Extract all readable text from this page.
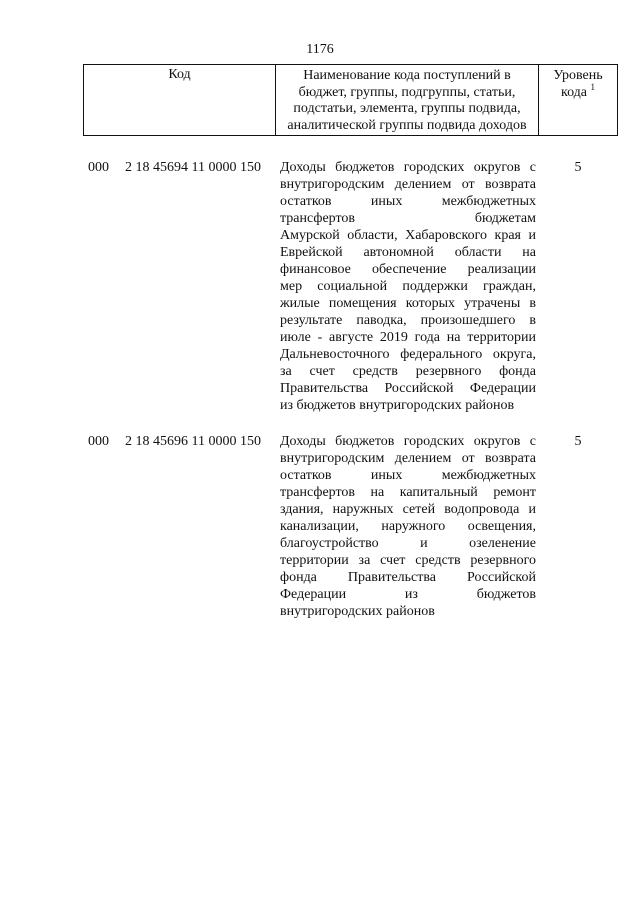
1176
Код	Наименование кода поступлений в
бюджет, группы, подгруппы, статьи,
подстатьи, элемента, группы подвида,
аналитической группы подвида доходов
Уровень
кода $^1$
000 2 18 45694 11 0000 150 Доходы бюджетов городских округов с
внутригородским делением от возврата
остатков иных межбюджетных
трансфертов бюджетам
Амурской области, Хабаровского края и
Еврейской автономной области на
финансовое обеспечение реализации
мер социальной поддержки граждан,
жилые помещения которых утрачены в
результате паводка, произошедшего в
июле - августе 2019 года на территории
Дальневосточного федерального округа,
за счет средств резервного фонда
Правительства Российской Федерации
из бюджетов внутригородских районов
5
000 2 18 45696 11 0000 150 Доходы бюджетов городских округов с
внутригородским делением от возврата
остатков иных межбюджетных
трансфертов на капитальный ремонт
здания, наружных сетей водопровода и
канализации, наружного освещения,
благоустройство и озеленение
территории за счет средств резервного
фонда Правительства Российской
Федерации из бюджетов
внутригородских районов
5
